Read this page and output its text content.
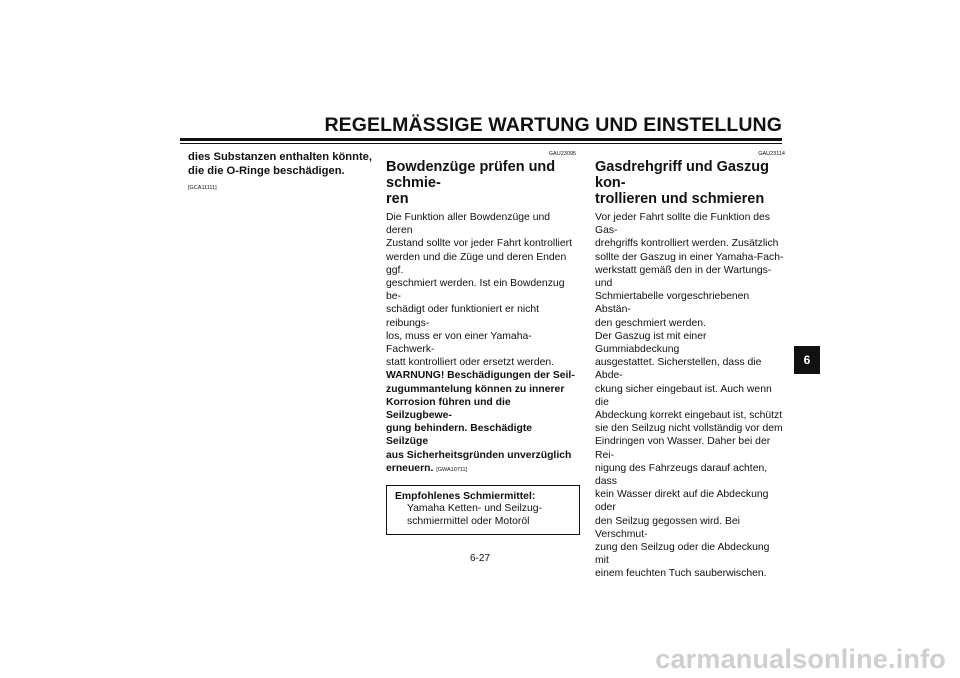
REGELMÄSSIGE WARTUNG UND EINSTELLUNG

dies Substanzen enthalten könnte,

die die O-Ringe beschädigen.

[GCA11111]

GAU23095

Bowdenzüge prüfen und schmie-
ren

Die Funktion aller Bowdenzüge und deren

Zustand sollte vor jeder Fahrt kontrolliert

werden und die Züge und deren Enden ggf.

geschmiert werden. Ist ein Bowdenzug be-

schädigt oder funktioniert er nicht reibungs-

los, muss er von einer Yamaha-Fachwerk-

statt kontrolliert oder ersetzt werden.

WARNUNG! Beschädigungen der Seil-

zugummantelung können zu innerer

Korrosion führen und die Seilzugbewe-

gung behindern. Beschädigte Seilzüge

aus Sicherheitsgründen unverzüglich

erneuern. [GWA10711]

Empfohlenes Schmiermittel:

Yamaha Ketten- und Seilzug-

schmiermittel oder Motoröl

GAU23114

Gasdrehgriff und Gaszug kon-
trollieren und schmieren

Vor jeder Fahrt sollte die Funktion des Gas-

drehgriffs kontrolliert werden. Zusätzlich

sollte der Gaszug in einer Yamaha-Fach-

werkstatt gemäß den in der Wartungs- und

Schmiertabelle vorgeschriebenen Abstän-

den geschmiert werden.

Der Gaszug ist mit einer Gummiabdeckung

ausgestattet. Sicherstellen, dass die Abde-

ckung sicher eingebaut ist. Auch wenn die

Abdeckung korrekt eingebaut ist, schützt

sie den Seilzug nicht vollständig vor dem

Eindringen von Wasser. Daher bei der Rei-

nigung des Fahrzeugs darauf achten, dass

kein Wasser direkt auf die Abdeckung oder

den Seilzug gegossen wird. Bei Verschmut-

zung den Seilzug oder die Abdeckung mit

einem feuchten Tuch sauberwischen.

6
6-27
carmanualsonline.info
